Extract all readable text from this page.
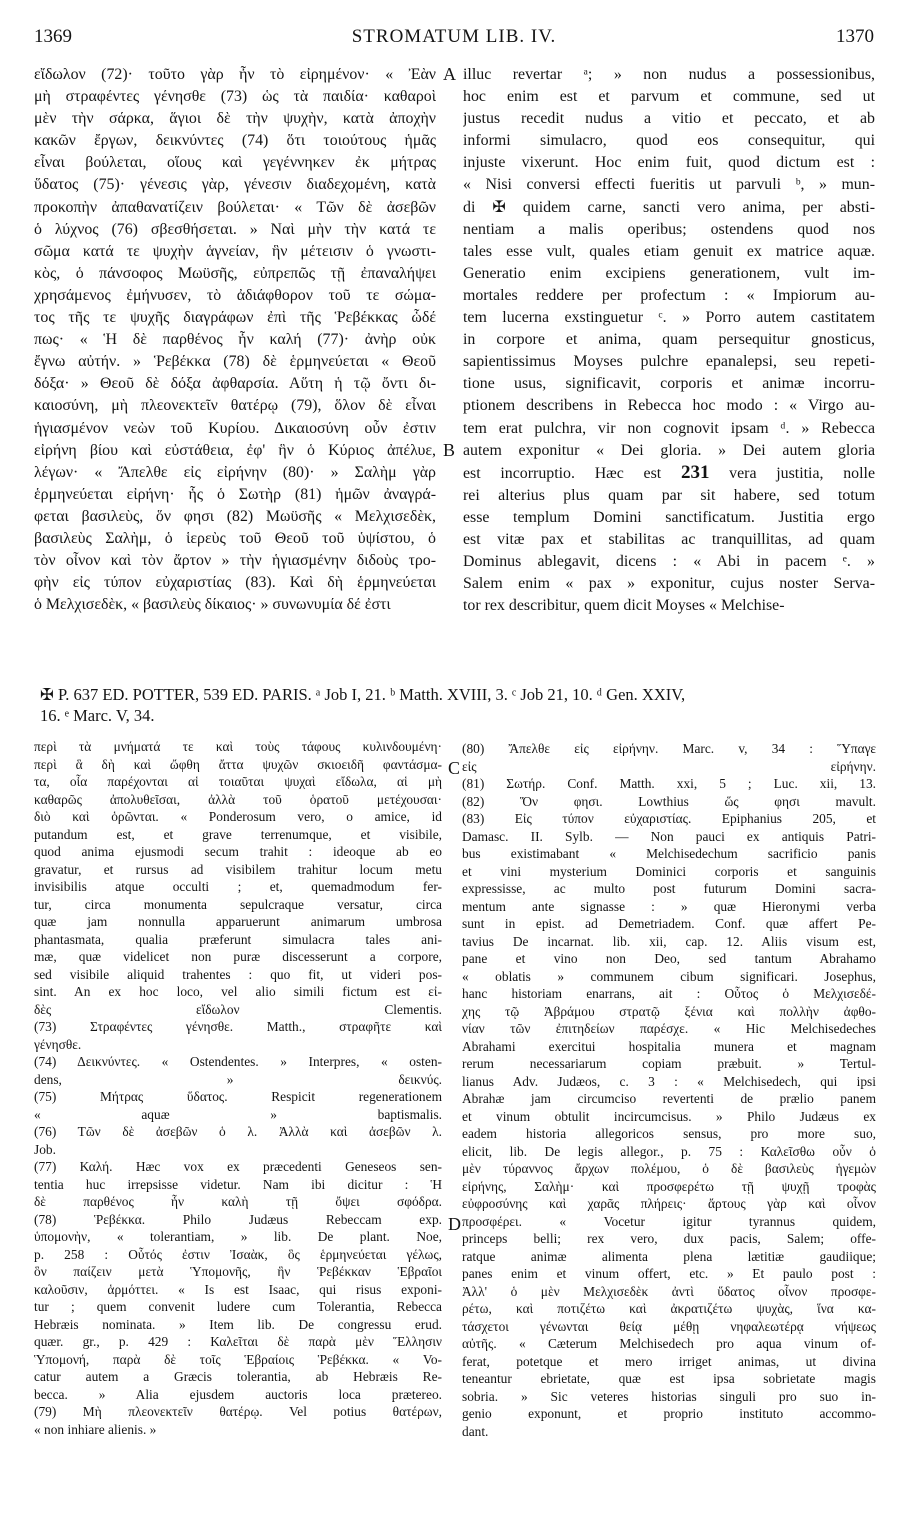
1369	STROMATUM LIB. IV.	1370

εἴδωλον (72)· τοῦτο γὰρ ἦν τὸ εἰρημένον· « Ἐὰν

μὴ στραφέντες γένησθε (73) ὡς τὰ παιδία· καθαροὶ

μὲν τὴν σάρκα, ἅγιοι δὲ τὴν ψυχὴν, κατὰ ἀποχὴν

κακῶν ἔργων, δεικνύντες (74) ὅτι τοιούτους ἡμᾶς

εἶναι βούλεται, οἵους καὶ γεγέννηκεν ἐκ μήτρας

ὕδατος (75)· γένεσις γὰρ, γένεσιν διαδεχομένη, κατὰ

προκοπὴν ἀπαθανατίζειν βούλεται· « Τῶν δὲ ἀσεβῶν

ὁ λύχνος (76) σβεσθήσεται. » Ναὶ μὴν τὴν κατά τε

σῶμα κατά τε ψυχὴν ἁγνείαν, ἣν μέτεισιν ὁ γνωστι-

κὸς, ὁ πάνσοφος Μωϋσῆς, εὐπρεπῶς τῇ ἐπαναλήψει

χρησάμενος ἐμήνυσεν, τὸ ἀδιάφθορον τοῦ τε σώμα-

τος τῆς τε ψυχῆς διαγράφων ἐπὶ τῆς Ῥεβέκκας ὧδέ

πως· « Ἡ δὲ παρθένος ἦν καλή (77)· ἀνὴρ οὐκ

ἔγνω αὐτήν. » Ῥεβέκκα (78) δὲ ἑρμηνεύεται « Θεοῦ

δόξα· » Θεοῦ δὲ δόξα ἀφθαρσία. Αὕτη ἡ τῷ ὄντι δι-

καιοσύνη, μὴ πλεονεκτεῖν θατέρῳ (79), ὅλον δὲ εἶναι

ἡγιασμένον νεὼν τοῦ Κυρίου. Δικαιοσύνη οὖν ἐστιν

εἰρήνη βίου καὶ εὐστάθεια, ἐφ' ἣν ὁ Κύριος ἀπέλυε,

λέγων· « Ἄπελθε εἰς εἰρήνην (80)· » Σαλὴμ γὰρ

ἑρμηνεύεται εἰρήνη· ἧς ὁ Σωτὴρ (81) ἡμῶν ἀναγρά-

φεται βασιλεὺς, ὅν φησι (82) Μωϋσῆς « Μελχισεδὲκ,

βασιλεὺς Σαλὴμ, ὁ ἱερεὺς τοῦ Θεοῦ τοῦ ὑψίστου, ὁ

τὸν οἶνον καὶ τὸν ἄρτον » τὴν ἡγιασμένην διδοὺς τρο-

φὴν εἰς τύπον εὐχαριστίας (83). Καὶ δὴ ἑρμηνεύεται

ὁ Μελχισεδὲκ, « βασιλεὺς δίκαιος· » συνωνυμία δέ ἐστι

illuc revertar ᵃ; » non nudus a possessionibus,

hoc enim est et parvum et commune, sed ut

justus recedit nudus a vitio et peccato, et ab

informi simulacro, quod eos consequitur, qui

injuste vixerunt. Hoc enim fuit, quod dictum est :

« Nisi conversi effecti fueritis ut parvuli ᵇ, » mun-

di ✠ quidem carne, sancti vero anima, per absti-

nentiam a malis operibus; ostendens quod nos

tales esse vult, quales etiam genuit ex matrice aquæ.

Generatio enim excipiens generationem, vult im-

mortales reddere per profectum : « Impiorum au-

tem lucerna exstinguetur ᶜ. » Porro autem castitatem

in corpore et anima, quam persequitur gnosticus,

sapientissimus Moyses pulchre epanalepsi, seu repeti-

tione usus, significavit, corporis et animæ incorru-

ptionem describens in Rebecca hoc modo : « Virgo au-

tem erat pulchra, vir non cognovit ipsam ᵈ. » Rebecca

autem exponitur « Dei gloria. » Dei autem gloria

est incorruptio. Hæc est 231 vera justitia, nolle

rei alterius plus quam par sit habere, sed totum

esse templum Domini sanctificatum. Justitia ergo

est vitæ pax et stabilitas ac tranquillitas, ad quam

Dominus ablegavit, dicens : « Abi in pacem ᵉ. »

Salem enim « pax » exponitur, cujus noster Serva-

tor rex describitur, quem dicit Moyses « Melchise-

A
B
C
D

✠ P. 637 ED. POTTER, 539 ED. PARIS. ᵃ Job I, 21. ᵇ Matth. XVIII, 3. ᶜ Job 21, 10. ᵈ Gen. XXIV,

16. ᵉ Marc. V, 34.

περὶ τὰ μνήματά τε καὶ τοὺς τάφους κυλινδουμένη·

περὶ ἃ δὴ καὶ ὤφθη ἄττα ψυχῶν σκιοειδῆ φαντάσμα-

τα, οἷα παρέχονται αἱ τοιαῦται ψυχαὶ εἴδωλα, αἱ μὴ

καθαρῶς ἀπολυθεῖσαι, ἀλλὰ τοῦ ὁρατοῦ μετέχουσαι·

διὸ καὶ ὁρῶνται. « Ponderosum vero, o amice, id

putandum est, et grave terrenumque, et visibile,

quod anima ejusmodi secum trahit : ideoque ab eo

gravatur, et rursus ad visibilem trahitur locum metu

invisibilis atque occulti ; et, quemadmodum fer-

tur, circa monumenta sepulcraque versatur, circa

quæ jam nonnulla apparuerunt animarum umbrosa

phantasmata, qualia præferunt simulacra tales ani-

mæ, quæ videlicet non puræ discesserunt a corpore,

sed visibile aliquid trahentes : quo fit, ut videri pos-

sint. An ex hoc loco, vel alio simili fictum est εἰ-

δὲς εἴδωλον Clementis.

(73) Στραφέντες γένησθε. Matth., στραφῆτε καὶ

γένησθε.

(74) Δεικνύντες. « Ostendentes. » Interpres, « osten-

dens, » δεικνύς.

(75) Μήτρας ὕδατος. Respicit regenerationem

« aquæ » baptismalis.

(76) Τῶν δὲ ἀσεβῶν ὁ λ. Ἀλλὰ καὶ ἀσεβῶν λ.

Job.

(77) Καλή. Hæc vox ex præcedenti Geneseos sen-

tentia huc irrepsisse videtur. Nam ibi dicitur : Ἡ

δὲ παρθένος ἦν καλὴ τῇ ὄψει σφόδρα.

(78) Ῥεβέκκα. Philo Judæus Rebeccam exp.

ὑπομονὴν, « tolerantiam, » lib. De plant. Noe,

p. 258 : Οὗτός ἐστιν Ἰσαὰκ, ὃς ἑρμηνεύεται γέλως,

ὃν παίζειν μετὰ Ὑπομονῆς, ἣν Ῥεβέκκαν Ἑβραῖοι

καλοῦσιν, ἁρμόττει. « Is est Isaac, qui risus exponi-

tur ; quem convenit ludere cum Tolerantia, Rebecca

Hebræis nominata. » Item lib. De congressu erud.

quær. gr., p. 429 : Καλεῖται δὲ παρὰ μὲν Ἕλλησιν

Ὑπομονή, παρὰ δὲ τοῖς Ἑβραίοις Ῥεβέκκα. « Vo-

catur autem a Græcis tolerantia, ab Hebræis Re-

becca. » Alia ejusdem auctoris loca prætereo.

(79) Μὴ πλεονεκτεῖν θατέρῳ. Vel potius θατέρων,

« non inhiare alienis. »

(80) Ἄπελθε εἰς εἰρήνην. Marc. v, 34 : Ὕπαγε

εἰς εἰρήνην.

(81) Σωτήρ. Conf. Matth. xxi, 5 ; Luc. xii, 13.

(82) Ὅν φησι. Lowthius ὥς φησι mavult.

(83) Εἰς τύπον εὐχαριστίας. Epiphanius 205, et

Damasc. II. Sylb. — Non pauci ex antiquis Patri-

bus existimabant « Melchisedechum sacrificio panis

et vini mysterium Dominici corporis et sanguinis

expressisse, ac multo post futurum Domini sacra-

mentum ante signasse : » quæ Hieronymi verba

sunt in epist. ad Demetriadem. Conf. quæ affert Pe-

tavius De incarnat. lib. xii, cap. 12. Aliis visum est,

pane et vino non Deo, sed tantum Abrahamo

« oblatis » communem cibum significari. Josephus,

hanc historiam enarrans, ait : Οὗτος ὁ Μελχισεδέ-

χης τῷ Ἀβράμου στρατῷ ξένια καὶ πολλὴν ἀφθο-

νίαν τῶν ἐπιτηδείων παρέσχε. « Hic Melchisedeches

Abrahami exercitui hospitalia munera et magnam

rerum necessariarum copiam præbuit. » Tertul-

lianus Adv. Judæos, c. 3 : « Melchisedech, qui ipsi

Abrahæ jam circumciso revertenti de prælio panem

et vinum obtulit incircumcisus. » Philo Judæus ex

eadem historia allegoricos sensus, pro more suo,

elicit, lib. De legis allegor., p. 75 : Καλεῖσθω οὖν ὁ

μὲν τύραννος ἄρχων πολέμου, ὁ δὲ βασιλεὺς ἡγεμὼν

εἰρήνης, Σαλὴμ· καὶ προσφερέτω τῇ ψυχῇ τροφὰς

εὐφροσύνης καὶ χαρᾶς πλήρεις· ἄρτους γὰρ καὶ οἶνον

προσφέρει. « Vocetur igitur tyrannus quidem,

princeps belli; rex vero, dux pacis, Salem; offe-

ratque animæ alimenta plena lætitiæ gaudiique;

panes enim et vinum offert, etc. » Et paulo post :

Ἀλλ' ὁ μὲν Μελχισεδὲκ ἀντὶ ὕδατος οἶνον προσφε-

ρέτω, καὶ ποτιζέτω καὶ ἀκρατιζέτω ψυχὰς, ἵνα κα-

τάσχετοι γένωνται θείᾳ μέθῃ νηφαλεωτέρᾳ νήψεως

αὐτῆς. « Cæterum Melchisedech pro aqua vinum of-

ferat, potetque et mero irriget animas, ut divina

teneantur ebrietate, quæ est ipsa sobrietate magis

sobria. » Sic veteres historias singuli pro suo in-

genio exponunt, et proprio instituto accommo-

dant.
